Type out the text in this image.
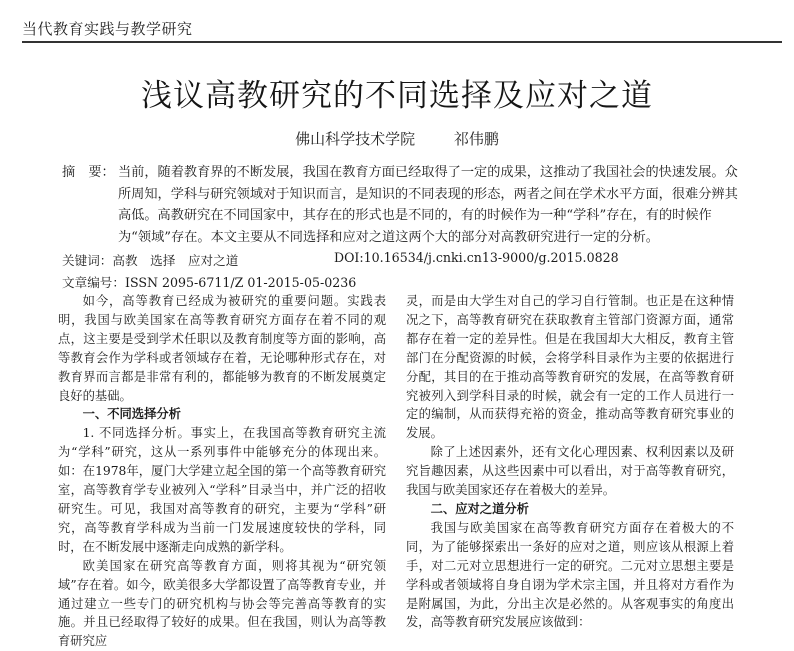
当代教育实践与教学研究
浅议高教研究的不同选择及应对之道
佛山科学技术学院	祁伟鹏
摘　要： 当前，随着教育界的不断发展，我国在教育方面已经取得了一定的成果，这推动了我国社会的快速发展。众所周知，学科与研究领域对于知识而言，是知识的不同表现的形态，两者之间在学术水平方面，很难分辨其高低。高教研究在不同国家中，其存在的形式也是不同的，有的时候作为一种“学科”存在，有的时候作为“领域”存在。本文主要从不同选择和应对之道这两个大的部分对高教研究进行一定的分析。
关键词：高教　选择　应对之道	DOI:10.16534/j.cnki.cn13-9000/g.2015.0828
文章编号：ISSN 2095-6711/Z 01-2015-05-0236

如今，高等教育已经成为被研究的重要问题。实践表明，我国与欧美国家在高等教育研究方面存在着不同的观点，这主要是受到学术任职以及教育制度等方面的影响，高等教育会作为学科或者领域存在着，无论哪种形式存在，对教育界而言都是非常有利的，都能够为教育的不断发展奠定良好的基础。

一、不同选择分析

1. 不同选择分析。事实上，在我国高等教育研究主流为“学科”研究，这从一系列事件中能够充分的体现出来。如：在1978年，厦门大学建立起全国的第一个高等教育研究室，高等教育学专业被列入“学科”目录当中，并广泛的招收研究生。可见，我国对高等教育的研究，主要为“学科”研究，高等教育学科成为当前一门发展速度较快的学科，同时，在不断发展中逐渐走向成熟的新学科。

欧美国家在研究高等教育方面，则将其视为“研究领域”存在着。如今，欧美很多大学都设置了高等教育专业，并通过建立一些专门的研究机构与协会等完善高等教育的实施。并且已经取得了较好的成果。但在我国，则认为高等教育研究应

灵，而是由大学生对自己的学习自行管制。也正是在这种情况之下，高等教育研究在获取教育主管部门资源方面，通常都存在着一定的差异性。但是在我国却大大相反，教育主管部门在分配资源的时候，会将学科目录作为主要的依据进行分配，其目的在于推动高等教育研究的发展，在高等教育研究被列入到学科目录的时候，就会有一定的工作人员进行一定的编制，从而获得充裕的资金，推动高等教育研究事业的发展。

除了上述因素外，还有文化心理因素、权利因素以及研究旨趣因素，从这些因素中可以看出，对于高等教育研究，我国与欧美国家还存在着极大的差异。

二、应对之道分析

我国与欧美国家在高等教育研究方面存在着极大的不同，为了能够探索出一条好的应对之道，则应该从根源上着手，对二元对立思想进行一定的研究。二元对立思想主要是学科或者领域将自身自诩为学术宗主国，并且将对方看作为是附属国，为此，分出主次是必然的。从客观事实的角度出发，高等教育研究发展应该做到：
